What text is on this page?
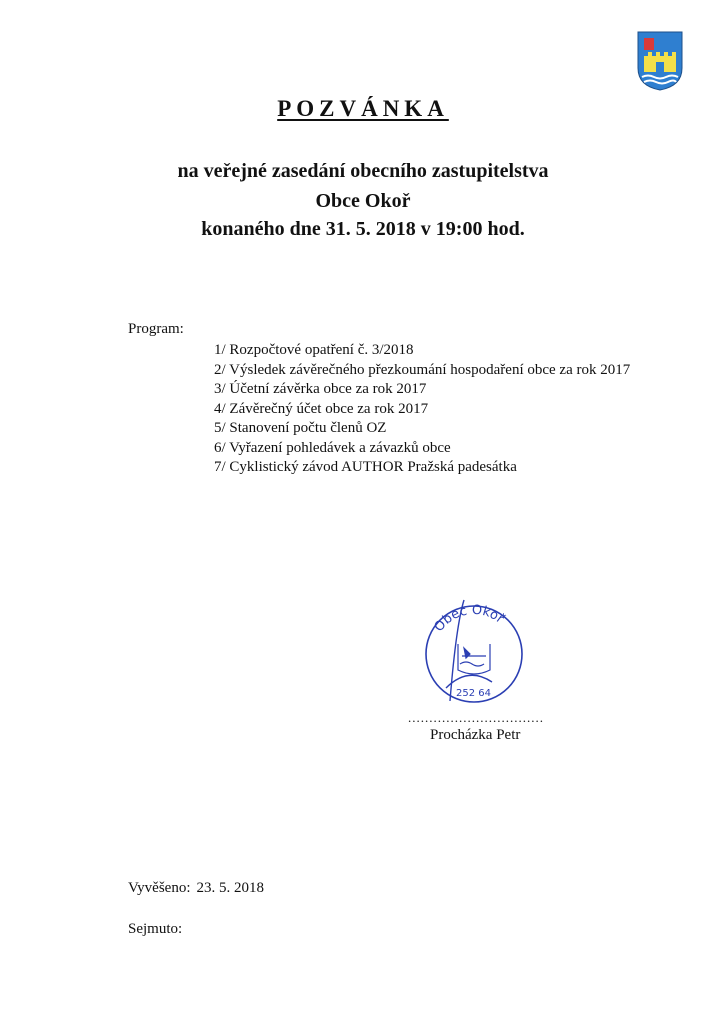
POZVÁNKA
na veřejné zasedání obecního zastupitelstva
Obce Okoř
konaného dne 31. 5. 2018 v 19:00 hod.
Program:
1/ Rozpočtové opatření č. 3/2018
2/ Výsledek závěrečného přezkoumání hospodaření obce za rok 2017
3/ Účetní závěrka obce za rok 2017
4/ Závěrečný účet obce za rok 2017
5/ Stanovení počtu členů OZ
6/ Vyřazení pohledávek a závazků obce
7/ Cyklistický závod AUTHOR Pražská padesátka
Obec Okoř
252 64
................................
Procházka Petr
Vyvěšeno: 23. 5. 2018
Sejmuto:
